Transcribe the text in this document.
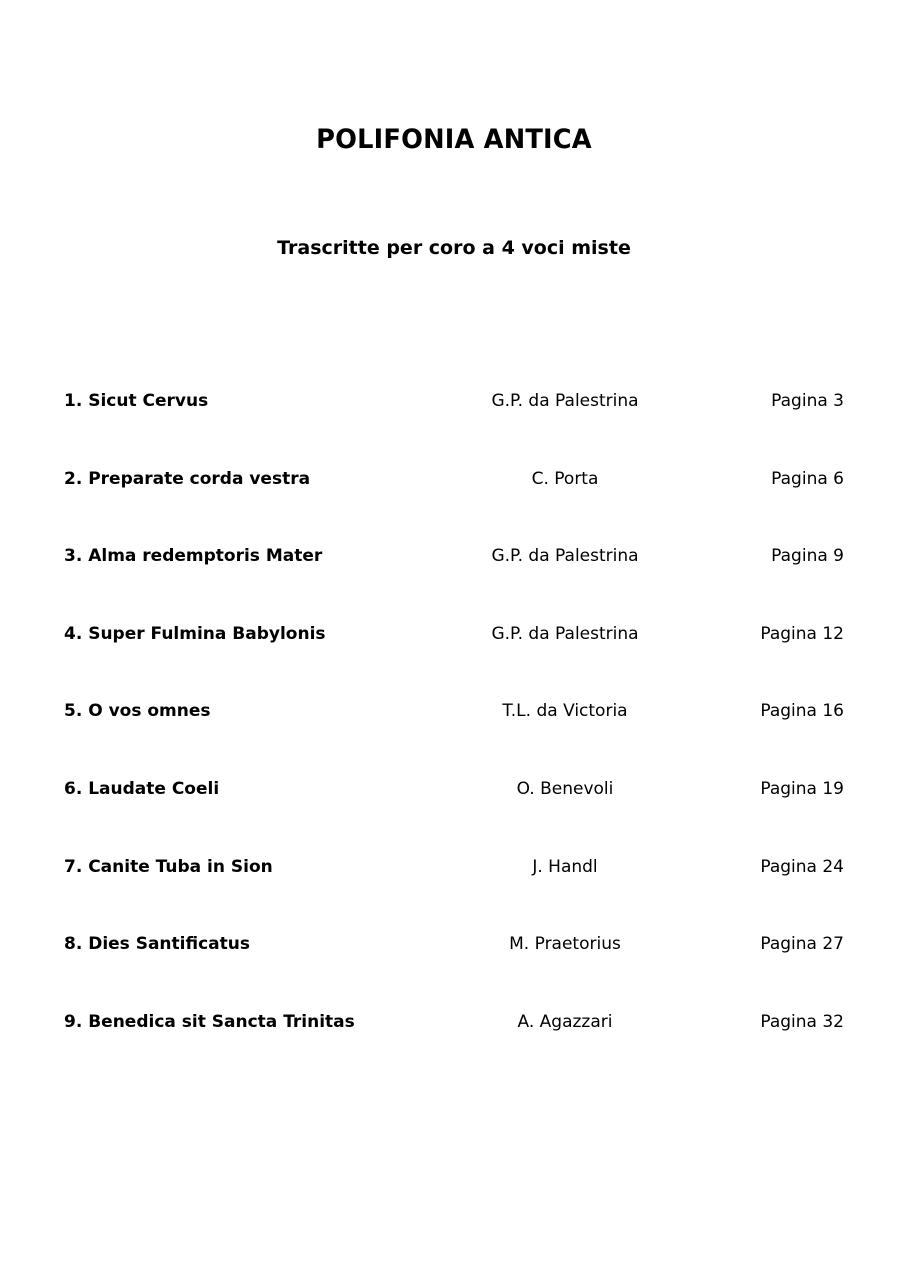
POLIFONIA ANTICA
Trascritte per coro a 4 voci miste
1. Sicut Cervus	G.P. da Palestrina	Pagina 3
2. Preparate corda vestra	C. Porta	Pagina 6
3. Alma redemptoris Mater	G.P. da Palestrina	Pagina 9
4. Super Fulmina Babylonis	G.P. da Palestrina	Pagina 12
5. O vos omnes	T.L. da Victoria	Pagina 16
6. Laudate Coeli	O. Benevoli	Pagina 19
7. Canite Tuba in Sion	J. Handl	Pagina 24
8. Dies Santificatus	M. Praetorius	Pagina 27
9. Benedica sit Sancta Trinitas	A. Agazzari	Pagina 32
